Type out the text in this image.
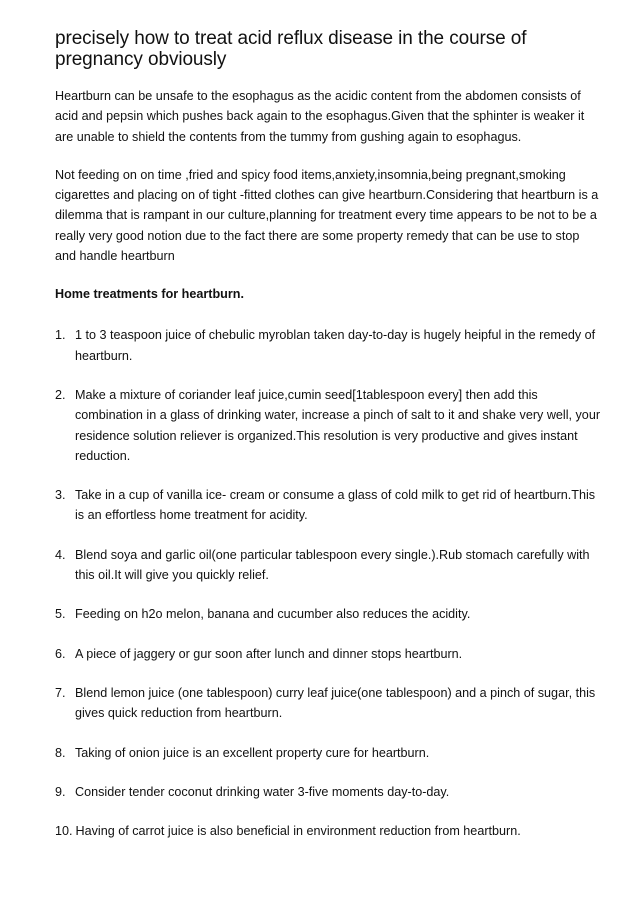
precisely how to treat acid reflux disease in the course of pregnancy obviously

Heartburn can be unsafe to the esophagus as the acidic content from the abdomen consists of acid and pepsin which pushes back again to the esophagus.Given that the sphinter is weaker it are unable to shield the contents from the tummy from gushing again to esophagus.

Not feeding on on time ,fried and spicy food items,anxiety,insomnia,being pregnant,smoking cigarettes and placing on of tight -fitted clothes can give heartburn.Considering that heartburn is a dilemma that is rampant in our culture,planning for treatment every time appears to be not to be a really very good notion due to the fact there are some property remedy that can be use to stop and handle heartburn

Home treatments for heartburn.
1. 1 to 3 teaspoon juice of chebulic myroblan taken day-to-day is hugely heipful in the remedy of heartburn.
2. Make a mixture of coriander leaf juice,cumin seed[1tablespoon every] then add this combination in a glass of drinking water, increase a pinch of salt to it and shake very well, your residence solution reliever is organized.This resolution is very productive and gives instant reduction.
3. Take in a cup of vanilla ice- cream or consume a glass of cold milk to get rid of heartburn.This is an effortless home treatment for acidity.
4. Blend soya and garlic oil(one particular tablespoon every single.).Rub stomach carefully with this oil.It will give you quickly relief.
5. Feeding on h2o melon, banana and cucumber also reduces the acidity.
6. A piece of jaggery or gur soon after lunch and dinner stops heartburn.
7. Blend lemon juice (one tablespoon) curry leaf juice(one tablespoon) and a pinch of sugar, this gives quick reduction from heartburn.
8. Taking of onion juice is an excellent property cure for heartburn.
9. Consider tender coconut drinking water 3-five moments day-to-day.
10. Having of carrot juice is also beneficial in environment reduction from heartburn.
